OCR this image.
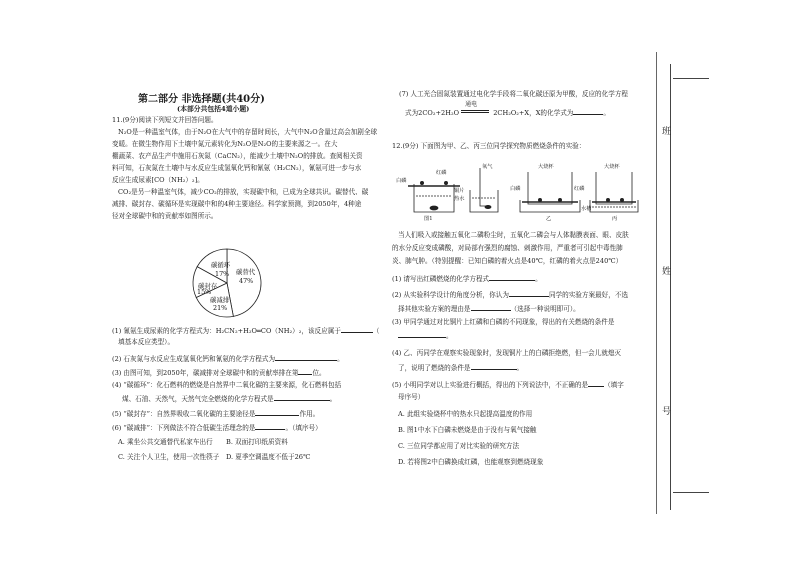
第二部分 非选择题(共40分)
(本部分共包括4道小题)
11.(9分)阅读下列短文并回答问题。
N₂O是一种温室气体，由于N₂O在大气中的存留时间长，大气中N₂O含量过高会加剧全球
变暖。在微生物作用下土壤中氮元素转化为N₂O是N₂O的主要来源之一。在大
棚蔬菜、农产品生产中施用石灰氮（CaCN₂），能减少土壤中N₂O的排放。查阅相关资
料可知，石灰氮在土壤中与水反应生成氢氧化钙和氰氨（H₂CN₂），氰氨可进一步与水
反应生成尿素[CO（NH₂）₂]。
CO₂是另一种温室气体，减少CO₂的排放，实现碳中和，已成为全球共识。碳替代、碳
减排、碳封存、碳循环是实现碳中和的4种主要途径。科学家预测，到2050年，4种途
径对全球碳中和的贡献率如图所示。
碳替代
47%
碳减排
21%
碳封存
15%
碳循环
17%
(1) 氰氨生成尿素的化学方程式为：H₂CN₂+H₂O═CO（NH₂）₂，该反应属于	（
填基本反应类型）。
(2) 石灰氮与水反应生成氢氧化钙和氰氨的化学方程式为	。
(3) 由图可知，到2050年，碳减排对全球碳中和的贡献率排在第 位。
(4) “碳循环”：化石燃料的燃烧是自然界中二氧化碳的主要来源，化石燃料包括
煤、石油、天然气，天然气完全燃烧的化学方程式是	。
(5) “碳封存”：自然界吸收二氧化碳的主要途径是	作用。
(6) “碳减排”：下列做法不符合低碳生活理念的是	。（填序号）
A. 乘坐公共交通替代私家车出行 B. 双面打印纸质资料
C. 关注个人卫生，使用一次性筷子 D. 夏季空调温度不低于26℃
(7) 人工光合固氮装置通过电化学手段将二氧化碳还原为甲酸，反应的化学方程
式为2CO₂+2H₂O
通电
2CH₂O₂+X，X的化学式为	。
12.(9分) 下面图为甲、乙、丙三位同学探究物质燃烧条件的实验：
白磷
红磷
铜片
热水
氧气	大烧杯	大烧杯
红磷
白磷
水槽
图1	乙	丙
当人们吸入或接触五氧化二磷粉尘时，五氧化二磷会与人体黏膜表面、眼、皮肤
的水分反应变成磷酸，对局部有强烈的腐蚀、刺激作用，严重者可引起中毒性肺
炎、肺气肿。（特别提醒：已知白磷的着火点是40℃，红磷的着火点是240℃）
(1) 请写出红磷燃烧的化学方程式	。
(2) 从实验科学设计的角度分析，你认为	同学的实验方案最好，不选
择其他实验方案的理由是	（选择一种说明即可）。
(3) 甲同学通过对比铜片上红磷和白磷的不同现象，得出的有关燃烧的条件是
。
(4) 乙、丙同学在观察实验现象时，发现铜片上的白磷拒绝燃，但一会儿就熄灭
了，说明了燃烧的条件是	。
(5) 小明同学对以上实验进行概括，得出的下列说法中，不正确的是 （填字
母序号）
A. 此组实验烧杯中的热水只起提高温度的作用
B. 图1中水下白磷未燃烧是由于没有与氧气接触
C. 三位同学都应用了对比实验的研究方法
D. 若将图2中白磷换成红磷，也能观察到燃烧现象
班
姓
号
